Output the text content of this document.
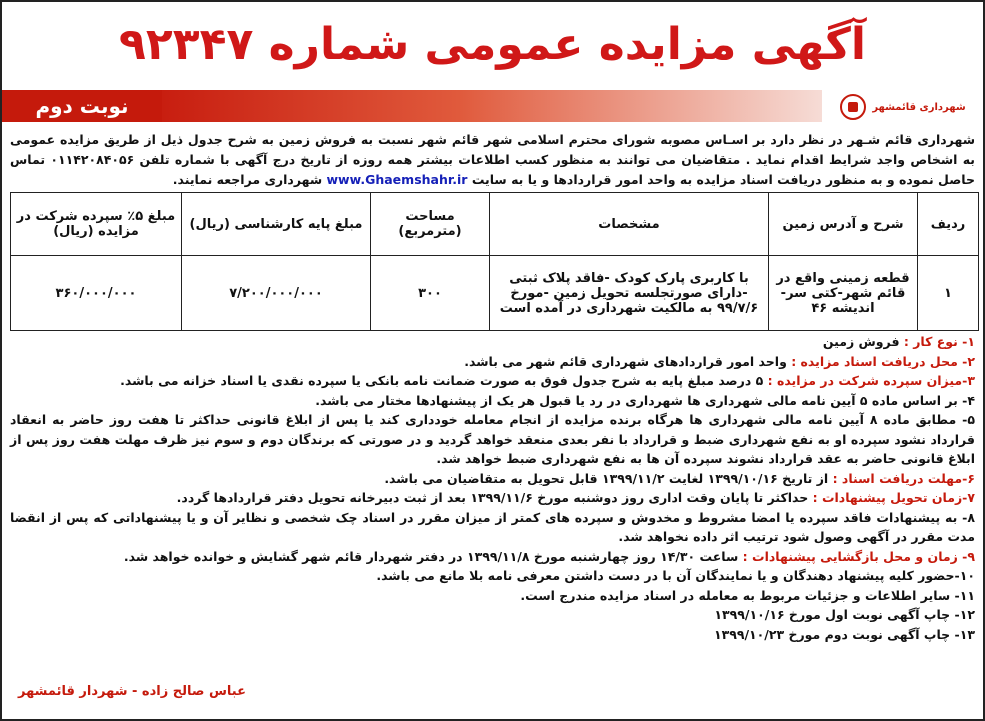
آگهی مزایده عمومی شماره ۹۲۳۴۷
شهرداری قائمشهر
نوبت دوم
شهرداری قائم شـهر در نظر دارد بر اسـاس مصوبه شورای محترم اسلامی شهر قائم شهر نسبت به فروش زمین به شرح جدول ذیل از طریق مزایده عمومی به اشخاص واجد شرایط اقدام نماید . متقاضیان می توانند به منظور کسب اطلاعات بیشتر همه روزه از تاریخ درج آگهی با شماره تلفن ۰۱۱۴۲۰۸۴۰۵۶ تماس حاصل نموده و به منظور دریافت اسناد مزایده به واحد امور قراردادها و یا به سایت www.Ghaemshahr.ir شهرداری مراجعه نمایند.
ردیف	شرح و آدرس زمین	مشخصات	مساحت (مترمربع)	مبلغ پایه کارشناسی (ریال)	مبلغ ۵٪ سپرده شرکت در مزایده (ریال)
۱	قطعه زمینی واقع در قائم شهر-کتی سر-اندیشه ۴۶	با کاربری پارک کودک -فاقد پلاک ثبتی -دارای صورتجلسه تحویل زمین -مورخ ۹۹/۷/۶ به مالکیت شهرداری در آمده است	۳۰۰	۷/۲۰۰/۰۰۰/۰۰۰	۳۶۰/۰۰۰/۰۰۰
۱- نوع کار : فروش زمین
۲- محل دریافت اسناد مزایده : واحد امور قراردادهای شهرداری قائم شهر می باشد.
۳-میزان سپرده شرکت در مزایده : ۵ درصد مبلغ پایه به شرح جدول فوق به صورت ضمانت نامه بانکی یا سپرده نقدی یا اسناد خزانه می باشد.
۴- بر اساس ماده ۵ آیین نامه مالی شهرداری ها شهرداری در رد یا قبول هر یک از پیشنهادها مختار می باشد.
۵- مطابق ماده ۸ آیین نامه مالی شهرداری ها هرگاه برنده مزایده از انجام معامله خودداری کند یا پس از ابلاغ قانونی حداکثر تا هفت روز حاضر به انعقاد قرارداد نشود سپرده او به نفع شهرداری ضبط و قرارداد با نفر بعدی منعقد خواهد گردید و در صورتی که برندگان دوم و سوم نیز ظرف مهلت هفت روز پس از ابلاغ قانونی حاضر به عقد قرارداد نشوند سپرده آن ها به نفع شهرداری ضبط خواهد شد.
۶-مهلت دریافت اسناد : از تاریخ ۱۳۹۹/۱۰/۱۶ لغایت ۱۳۹۹/۱۱/۲ قابل تحویل به متقاضیان می باشد.
۷-زمان تحویل پیشنهادات : حداکثر تا پایان وقت اداری روز دوشنبه مورخ ۱۳۹۹/۱۱/۶ بعد از ثبت دبیرخانه تحویل دفتر قراردادها گردد.
۸- به پیشنهادات فاقد سپرده یا امضا مشروط و مخدوش و سپرده های کمتر از میزان مقرر در اسناد چک شخصی و نظایر آن و یا پیشنهاداتی که پس از انقضا مدت مقرر در آگهی وصول شود ترتیب اثر داده نخواهد شد.
۹- زمان و محل بازگشایی پیشنهادات : ساعت ۱۴/۳۰ روز چهارشنبه مورخ ۱۳۹۹/۱۱/۸ در دفتر شهردار قائم شهر گشایش و خوانده خواهد شد.
۱۰-حضور کلیه پیشنهاد دهندگان و یا نمایندگان آن با در دست داشتن معرفی نامه بلا مانع می باشد.
۱۱- سایر اطلاعات و جزئیات مربوط به معامله در اسناد مزایده مندرج است.
۱۲- چاپ آگهی نوبت اول مورخ ۱۳۹۹/۱۰/۱۶
۱۳- چاپ آگهی نوبت دوم مورخ ۱۳۹۹/۱۰/۲۳
عباس صالح زاده - شهردار قائمشهر
